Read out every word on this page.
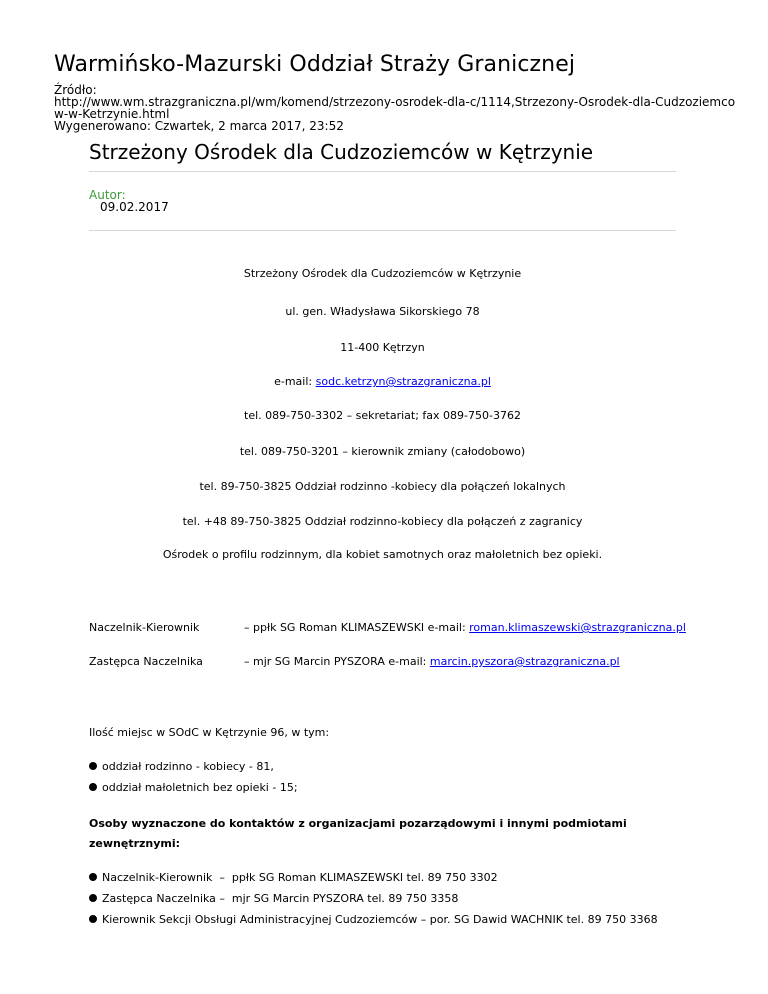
Warmińsko-Mazurski Oddział Straży Granicznej
Źródło:
http://www.wm.strazgraniczna.pl/wm/komend/strzezony-osrodek-dla-c/1114,Strzezony-Osrodek-dla-Cudzoziemco
w-w-Ketrzynie.html
Wygenerowano: Czwartek, 2 marca 2017, 23:52
Strzeżony Ośrodek dla Cudzoziemców w Kętrzynie
Autor:
09.02.2017
Strzeżony Ośrodek dla Cudzoziemców w Kętrzynie
ul. gen. Władysława Sikorskiego 78
11-400 Kętrzyn
e-mail: sodc.ketrzyn@strazgraniczna.pl
tel. 089-750-3302 – sekretariat; fax 089-750-3762
tel. 089-750-3201 – kierownik zmiany (całodobowo)
tel. 89-750-3825 Oddział rodzinno -kobiecy dla połączeń lokalnych
tel. +48 89-750-3825 Oddział rodzinno-kobiecy dla połączeń z zagranicy
Ośrodek o profilu rodzinnym, dla kobiet samotnych oraz małoletnich bez opieki.
Naczelnik-Kierownik	– ppłk SG Roman KLIMASZEWSKI e-mail: roman.klimaszewski@strazgraniczna.pl
Zastępca Naczelnika	– mjr SG Marcin PYSZORA e-mail: marcin.pyszora@strazgraniczna.pl
Ilość miejsc w SOdC w Kętrzynie 96, w tym:
oddział rodzinno - kobiecy - 81,
oddział małoletnich bez opieki - 15;
Osoby wyznaczone do kontaktów z organizacjami pozarządowymi i innymi podmiotami
zewnętrznymi:
Naczelnik-Kierownik  –  ppłk SG Roman KLIMASZEWSKI tel. 89 750 3302
Zastępca Naczelnika –  mjr SG Marcin PYSZORA tel. 89 750 3358
Kierownik Sekcji Obsługi Administracyjnej Cudzoziemców – por. SG Dawid WACHNIK tel. 89 750 3368
